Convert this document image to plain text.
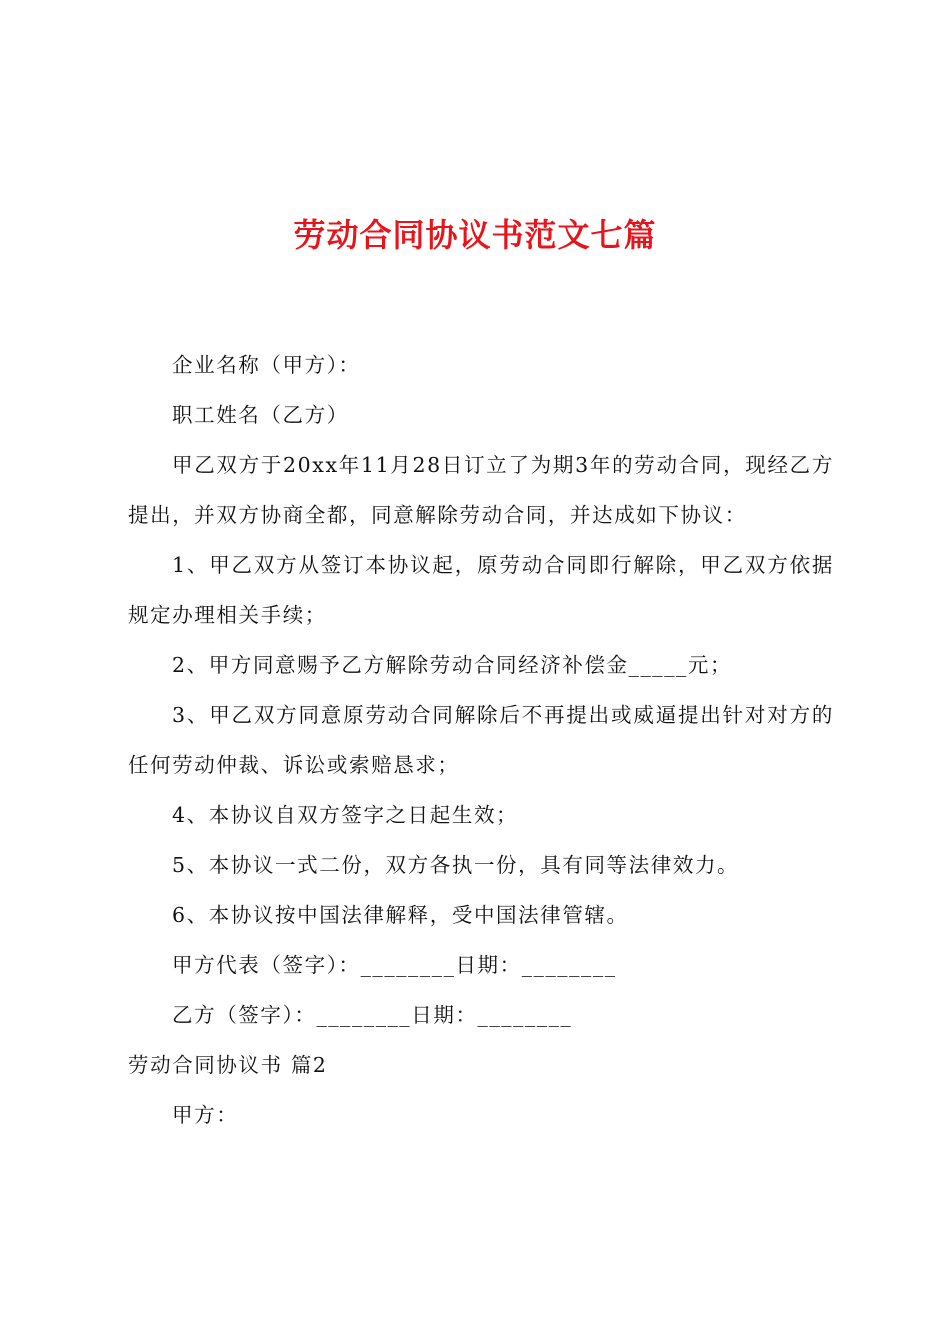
劳动合同协议书范文七篇

企业名称（甲方）：

职工姓名（乙方）

甲乙双方于20xx年11月28日订立了为期3年的劳动合同，现经乙方提出，并双方协商全都，同意解除劳动合同，并达成如下协议：

1、甲乙双方从签订本协议起，原劳动合同即行解除，甲乙双方依据规定办理相关手续；

2、甲方同意赐予乙方解除劳动合同经济补偿金_____元；

3、甲乙双方同意原劳动合同解除后不再提出或威逼提出针对对方的任何劳动仲裁、诉讼或索赔恳求；

4、本协议自双方签字之日起生效；

5、本协议一式二份，双方各执一份，具有同等法律效力。

6、本协议按中国法律解释，受中国法律管辖。

甲方代表（签字）：________日期：________

乙方（签字）：________日期：________

劳动合同协议书 篇2

甲方：
